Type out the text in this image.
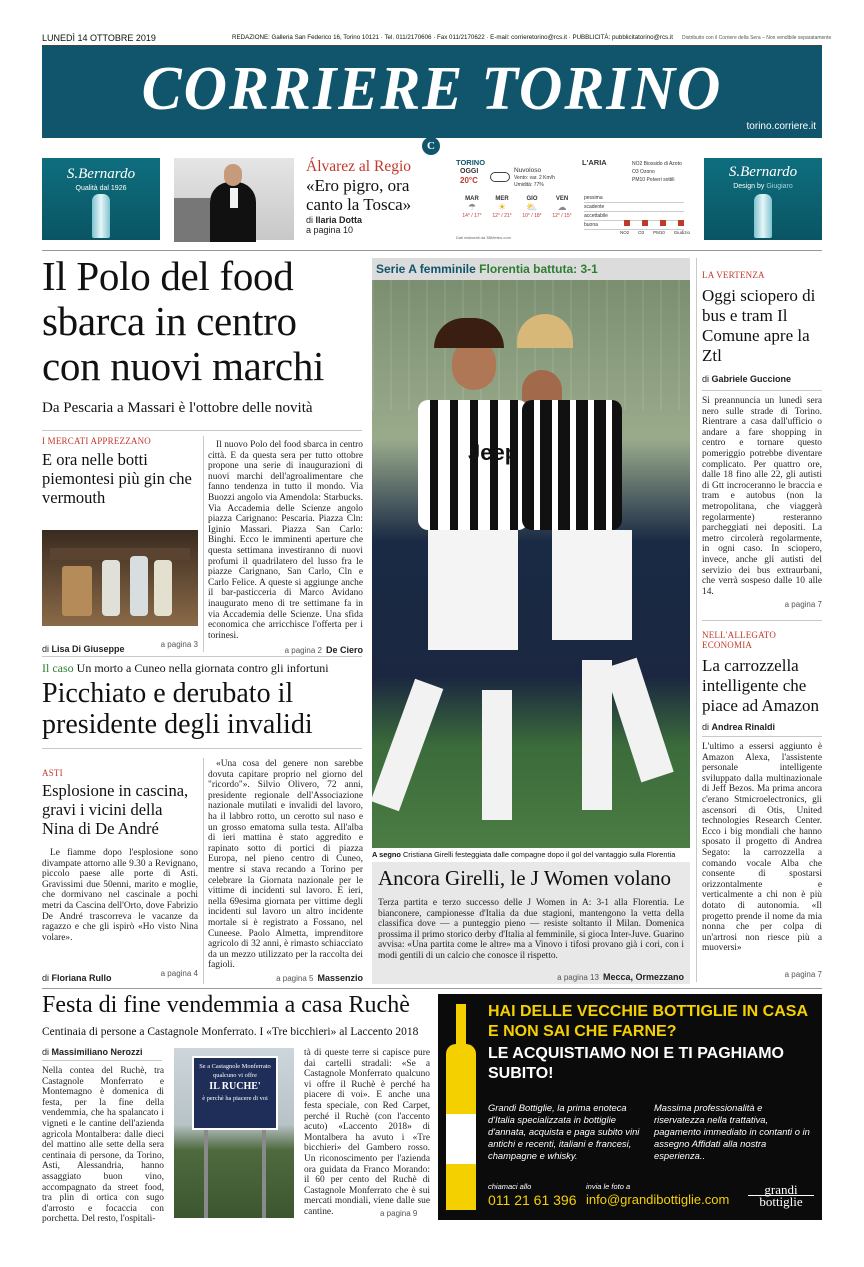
LUNEDÌ 14 OTTOBRE 2019	REDAZIONE: Galleria San Federico 16, Torino 10121 · Tel. 011/2170606 · Fax 011/2170622 · E-mail: corrieretorino@rcs.it · PUBBLICITÀ: pubblicitatorino@rcs.it	Distribuito con il Corriere della Sera – Non vendibile separatamente
CORRIERE TORINO
torino.corriere.it
C
S.Bernardo
Qualità dal 1926
Álvarez al Regio
«Ero pigro, ora canto la Tosca»
di Ilaria Dotta
a pagina 10
TORINO
OGGI
20°C
Nuvoloso
Vento: var. 2 Km/h
Umidità: 77%
MAR
☂
14° / 17°
MER
☀
12° / 21°
GIO
⛅
10° / 18°
VEN
☁
12° / 15°
Dati elaborati da 3BMeteo.com
L'ARIA	NO2 Biossido di Azoto
O3 Ozono
PM10 Polveri sottili
pessima
scadente
accettabile
buona
NO2 O3 PM10 Giudizio
S.Bernardo
Design by Giugiaro
Il Polo del food sbarca in centro con nuovi marchi
Da Pescaria a Massari è l'ottobre delle novità
I MERCATI APPREZZANO
E ora nelle botti piemontesi più gin che vermouth
di Lisa Di Giuseppe	a pagina 3
Il nuovo Polo del food sbarca in centro città. E da questa sera per tutto ottobre propone una serie di inaugurazioni di nuovi marchi dell'agroalimentare che fanno tendenza in tutto il mondo. Via Buozzi angolo via Amendola: Starbucks. Via Accademia delle Scienze angolo piazza Carignano: Pescaria. Piazza Cln: Iginio Massari. Piazza San Carlo: Binghi. Ecco le imminenti aperture che questa settimana investiranno di nuovi profumi il quadrilatero del lusso fra le piazze Carignano, San Carlo, Cln e Carlo Felice. A queste si aggiunge anche il bar-pasticceria di Marco Avidano inaugurato meno di tre settimane fa in via Accademia delle Scienze. Una sfida economica che arricchisce l'offerta per i torinesi.
a pagina 2 De Ciero
Il caso Un morto a Cuneo nella giornata contro gli infortuni
Picchiato e derubato il presidente degli invalidi
ASTI
Esplosione in cascina, gravi i vicini della Nina di De André
Le fiamme dopo l'esplosione sono divampate attorno alle 9.30 a Revignano, piccolo paese alle porte di Asti. Gravissimi due 50enni, marito e moglie, che dormivano nel cascinale a pochi metri da Cascina dell'Orto, dove Fabrizio De André trascorreva le vacanze da ragazzo e che gli ispirò «Ho visto Nina volare».
di Floriana Rullo	a pagina 4
«Una cosa del genere non sarebbe dovuta capitare proprio nel giorno del "ricordo"». Silvio Olivero, 72 anni, presidente regionale dell'Associazione nazionale mutilati e invalidi del lavoro, ha il labbro rotto, un cerotto sul naso e un grosso ematoma sulla testa. All'alba di ieri mattina è stato aggredito e rapinato sotto di portici di piazza Europa, nel pieno centro di Cuneo, mentre si stava recando a Torino per celebrare la Giornata nazionale per le vittime di incidenti sul lavoro. E ieri, nella 69esima giornata per vittime degli incidenti sul lavoro un altro incidente mortale si è registrato a Fossano, nel Cuneese. Paolo Almetta, imprenditore agricolo di 32 anni, è rimasto schiacciato da un mezzo utilizzato per la raccolta dei fagioli.
a pagina 5 Massenzio
Serie A femminile Florentia battuta: 3-1
Jeep
A segno Cristiana Girelli festeggiata dalle compagne dopo il gol del vantaggio sulla Florentia
Ancora Girelli, le J Women volano
Terza partita e terzo successo delle J Women in A: 3-1 alla Florentia. Le bianconere, campionesse d'Italia da due stagioni, mantengono la vetta della classifica dove — a punteggio pieno — resiste soltanto il Milan. Domenica prossima il primo storico derby d'Italia al femminile, si gioca Inter-Juve. Guarino avvisa: «Una partita come le altre» ma a Vinovo i tifosi provano già i cori, con i modi gentili di un calcio che conosce il rispetto.
a pagina 13 Mecca, Ormezzano
LA VERTENZA
Oggi sciopero di bus e tram Il Comune apre la Ztl
di Gabriele Guccione
Si preannuncia un lunedì sera nero sulle strade di Torino. Rientrare a casa dall'ufficio o andare a fare shopping in centro e tornare questo pomeriggio potrebbe diventare complicato. Per quattro ore, dalle 18 fino alle 22, gli autisti di Gtt incroceranno le braccia e tram e autobus (non la metropolitana, che viaggerà regolarmente) resteranno parcheggiati nei depositi. La metro circolerà regolarmente, in ogni caso. In sciopero, invece, anche gli autisti del servizio dei bus extraurbani, che verrà sospeso dalle 10 alle 14.
a pagina 7
NELL'ALLEGATO ECONOMIA
La carrozzella intelligente che piace ad Amazon
di Andrea Rinaldi
L'ultimo a essersi aggiunto è Amazon Alexa, l'assistente personale intelligente sviluppato dalla multinazionale di Jeff Bezos. Ma prima ancora c'erano Stmicroelectronics, gli ascensori di Otis, United technologies Research Center. Ecco i big mondiali che hanno sposato il progetto di Andrea Segato: la carrozzella a comando vocale Alba che consente di spostarsi orizzontalmente e verticalmente a chi non è più dotato di autonomia. «Il progetto prende il nome da mia nonna che per colpa di un'artrosi non riesce più a muoversi»
a pagina 7
Festa di fine vendemmia a casa Ruchè
Centinaia di persone a Castagnole Monferrato. I «Tre bicchieri» al Laccento 2018
di Massimiliano Nerozzi
Nella contea del Ruchè, tra Castagnole Monferrato e Montemagno è domenica di festa, per la fine della vendemmia, che ha spalancato i vigneti e le cantine dell'azienda agricola Montalbera: dalle dieci del mattino alle sette della sera centinaia di persone, da Torino, Asti, Alessandria, hanno assaggiato buon vino, accompagnato da street food, tra plin di ortica con sugo d'arrosto e focaccia con porchetta. Del resto, l'ospitali-
Se a Castagnole Monferrato
qualcuno vi offre
IL RUCHE'
è perchè ha piacere di voi
tà di queste terre si capisce pure dai cartelli stradali: «Se a Castagnole Monferrato qualcuno vi offre il Ruchè è perché ha piacere di voi». E anche una festa speciale, con Red Carpet, perché il Ruchè (con l'accento acuto) «Laccento 2018» di Montalbera ha avuto i «Tre bicchieri» del Gambero rosso. Un riconoscimento per l'azienda ora guidata da Franco Morando: il 60 per cento del Ruchè di Castagnole Monferrato che è sui mercati mondiali, viene dalle sue cantine.	a pagina 9
HAI DELLE VECCHIE BOTTIGLIE IN CASA E NON SAI CHE FARNE?
LE ACQUISTIAMO NOI E TI PAGHIAMO SUBITO!
Grandi Bottiglie, la prima enoteca d'Italia specializzata in bottiglie d'annata, acquista e paga subito vini antichi e recenti, italiani e francesi, champagne e whisky.
Massima professionalità e riservatezza nella trattativa, pagamento immediato in contanti o in assegno Affidati alla nostra esperienza..
chiamaci allo
011 21 61 396
invia le foto a
info@grandibottiglie.com
grandi
bottiglie
